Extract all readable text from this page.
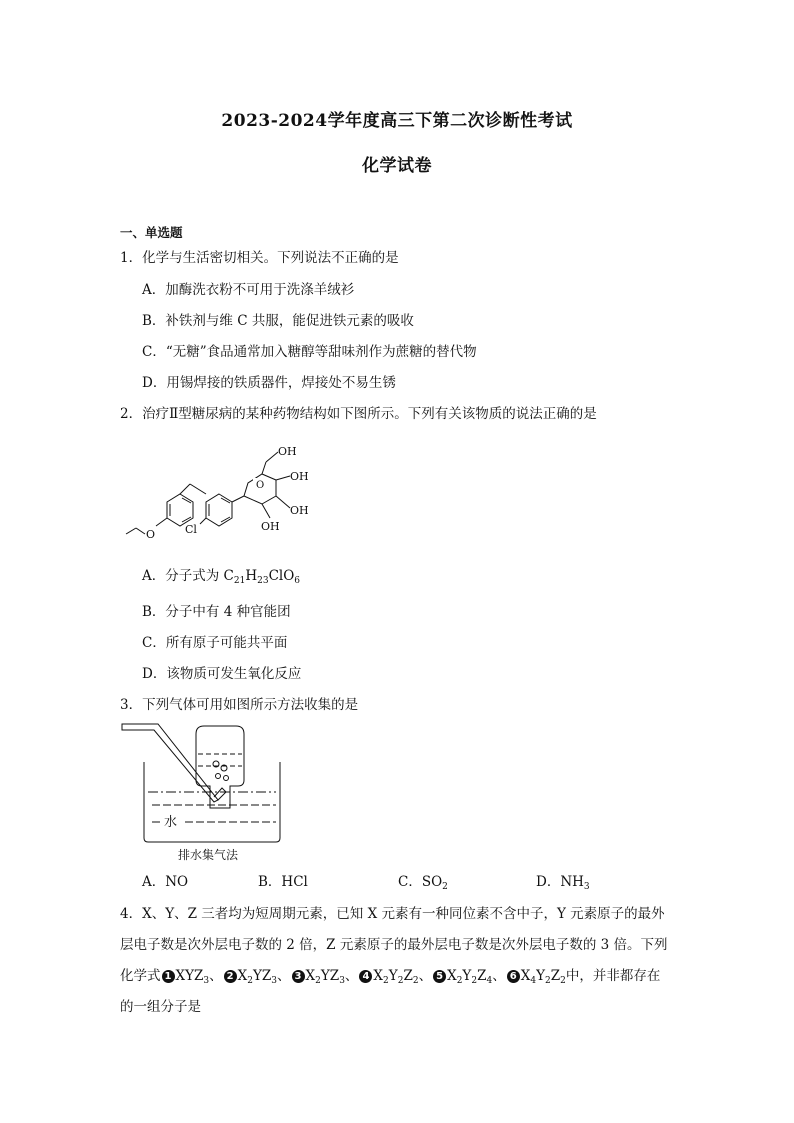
2023-2024学年度高三下第二次诊断性考试
化学试卷
一、单选题
1．化学与生活密切相关。下列说法不正确的是
A．加酶洗衣粉不可用于洗涤羊绒衫
B．补铁剂与维 C 共服，能促进铁元素的吸收
C．“无糖”食品通常加入糖醇等甜味剂作为蔗糖的替代物
D．用锡焊接的铁质器件，焊接处不易生锈
2．治疗Ⅱ型糖尿病的某种药物结构如下图所示。下列有关该物质的说法正确的是
O
O	Cl
OH
OH
OH
OH
A．分子式为 $C_{21}H_{23}ClO_6$
B．分子中有 4 种官能团
C．所有原子可能共平面
D．该物质可发生氧化反应
3．下列气体可用如图所示方法收集的是
水
排水集气法
A．NO	B．HCl	C．$SO_2$	D．$NH_3$
4．X、Y、Z 三者均为短周期元素，已知 X 元素有一种同位素不含中子，Y 元素原子的最外
层电子数是次外层电子数的 2 倍，Z 元素原子的最外层电子数是次外层电子数的 3 倍。下列
化学式 1 $XYZ_3$、 2 $X_2YZ_3$、 3 $X_2YZ_3$、 4 $X_2Y_2Z_2$、 5 $X_2Y_2Z_4$、 6 $X_4Y_2Z_2$中，并非都存在
的一组分子是
